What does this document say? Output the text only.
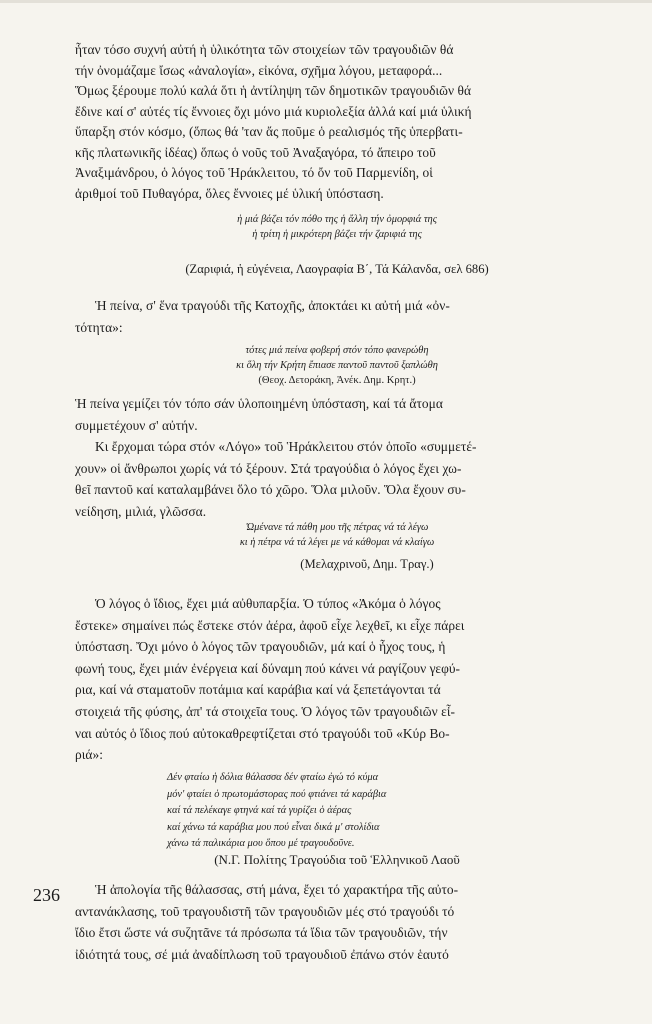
ἦταν τόσο συχνή αὐτή ἡ ὑλικότητα τῶν στοιχείων τῶν τραγουδιῶν θά

τήν ὀνομάζαμε ἴσως «ἀναλογία», εἰκόνα, σχῆμα λόγου, μεταφορά...

Ὅμως ξέρουμε πολύ καλά ὅτι ἡ ἀντίληψη τῶν δημοτικῶν τραγουδιῶν θά

ἔδινε καί σ' αὐτές τίς ἔννοιες ὄχι μόνο μιά κυριολεξία ἀλλά καί μιά ὑλική

ὕπαρξη στόν κόσμο, (ὅπως θά 'ταν ἄς ποῦμε ὁ ρεαλισμός τῆς ὑπερβατι-

κῆς πλατωνικῆς ἰδέας) ὅπως ὁ νοῦς τοῦ Ἀναξαγόρα, τό ἄπειρο τοῦ

Ἀναξιμάνδρου, ὁ λόγος τοῦ Ἡράκλειτου, τό ὄν τοῦ Παρμενίδη, οἱ

ἀριθμοί τοῦ Πυθαγόρα, ὅλες ἔννοιες μέ ὑλική ὑπόσταση.

ἡ μιά βάζει τόν πόθο της ἡ ἄλλη τήν ὀμορφιά της

ἡ τρίτη ἡ μικρότερη βάζει τήν ζαριφιά της

(Ζαριφιά, ἡ εὐγένεια, Λαογραφία Β΄, Τά Κάλανδα, σελ 686)

Ἡ πείνα, σ' ἕνα τραγούδι τῆς Κατοχῆς, ἀποκτάει κι αὐτή μιά «ὀν-

τότητα»:

τότες μιά πείνα φοβερή στόν τόπο φανερώθη

κι ὅλη τήν Κρήτη ἔπιασε παντοῦ παντοῦ ξαπλώθη

(Θεοχ. Δετοράκη, Ἀνέκ. Δημ. Κρητ.)

Ἡ πείνα γεμίζει τόν τόπο σάν ὑλοποιημένη ὑπόσταση, καί τά ἄτομα

συμμετέχουν σ' αὐτήν.

Κι ἔρχομαι τώρα στόν «Λόγο» τοῦ Ἡράκλειτου στόν ὁποῖο «συμμετέ-

χουν» οἱ ἄνθρωποι χωρίς νά τό ξέρουν. Στά τραγούδια ὁ λόγος ἔχει χω-

θεῖ παντοῦ καί καταλαμβάνει ὅλο τό χῶρο. Ὅλα μιλοῦν. Ὅλα ἔχουν συ-

νείδηση, μιλιά, γλῶσσα.

Ὠμένανε τά πάθη μου τῆς πέτρας νά τά λέγω

κι ἡ πέτρα νά τά λέγει με νά κάθομαι νά κλαίγω

(Μελαχρινοῦ, Δημ. Τραγ.)

Ὁ λόγος ὁ ἴδιος, ἔχει μιά αὐθυπαρξία. Ὁ τύπος «Ἀκόμα ὁ λόγος

ἔστεκε» σημαίνει πώς ἔστεκε στόν ἀέρα, ἀφοῦ εἶχε λεχθεῖ, κι εἶχε πάρει

ὑπόσταση. Ὄχι μόνο ὁ λόγος τῶν τραγουδιῶν, μά καί ὁ ἦχος τους, ἡ

φωνή τους, ἔχει μιάν ἐνέργεια καί δύναμη πού κάνει νά ραγίζουν γεφύ-

ρια, καί νά σταματοῦν ποτάμια καί καράβια καί νά ξεπετάγονται τά

στοιχειά τῆς φύσης, ἀπ' τά στοιχεῖα τους. Ὁ λόγος τῶν τραγουδιῶν εἶ-

ναι αὐτός ὁ ἴδιος πού αὐτοκαθρεφτίζεται στό τραγούδι τοῦ «Κύρ Βο-

ριά»:

Δέν φταίω ἡ δόλια θάλασσα δέν φταίω ἐγώ τό κύμα

μόν' φταίει ὁ πρωτομάστορας πού φτιάνει τά καράβια

καί τά πελέκαγε φτηνά καί τά γυρίζει ὁ ἀέρας

καί χάνω τά καράβια μου πού εἶναι δικά μ' στολίδια

χάνω τά παλικάρια μου ὅπου μέ τραγουδοῦνε.

(Ν.Γ. Πολίτης Τραγούδια τοῦ Ἑλληνικοῦ Λαοῦ

236	Ἡ ἀπολογία τῆς θάλασσας, στή μάνα, ἔχει τό χαρακτήρα τῆς αὐτο-

αντανάκλασης, τοῦ τραγουδιστῆ τῶν τραγουδιῶν μές στό τραγούδι τό

ἴδιο ἔτσι ὥστε νά συζητᾶνε τά πρόσωπα τά ἴδια τῶν τραγουδιῶν, τήν

ἰδιότητά τους, σέ μιά ἀναδίπλωση τοῦ τραγουδιοῦ ἐπάνω στόν ἑαυτό
